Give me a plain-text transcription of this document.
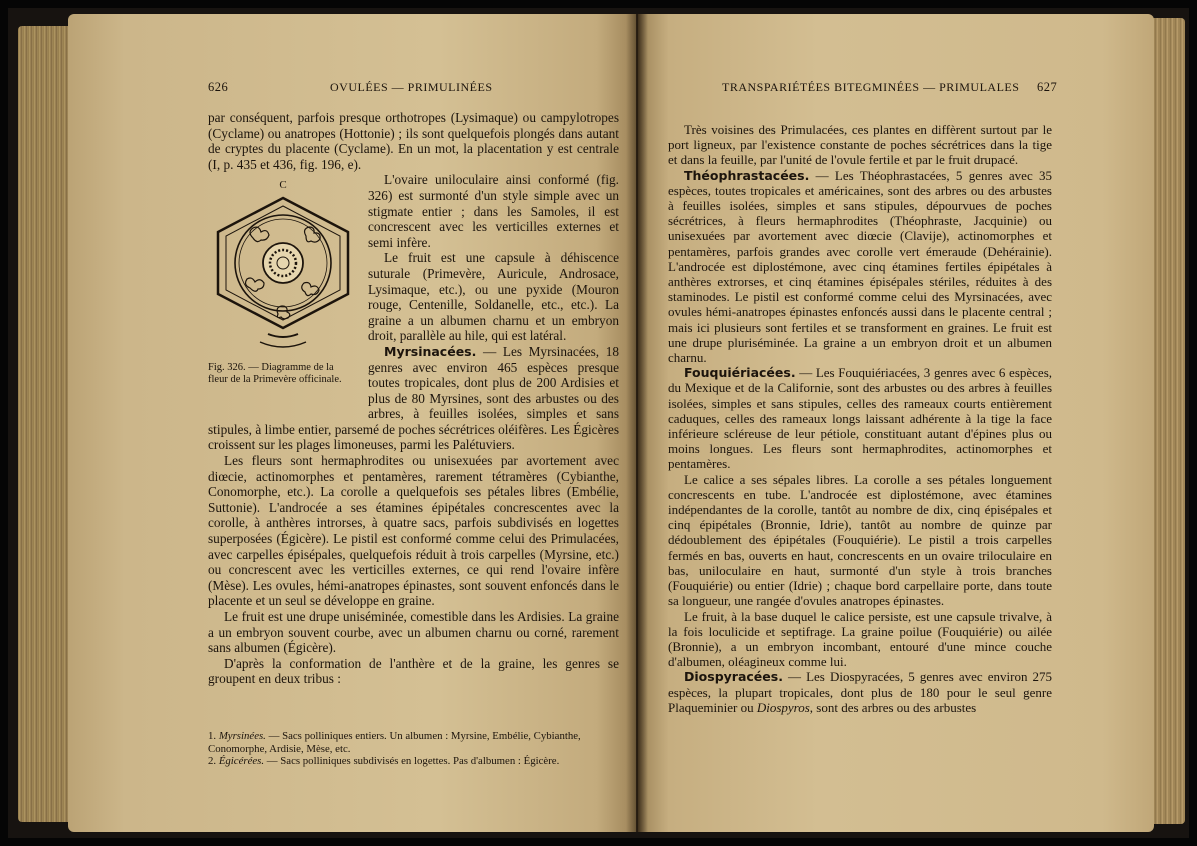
626	OVULÉES — PRIMULINÉES

par conséquent, parfois presque orthotropes (Lysimaque) ou campylotropes (Cyclame) ou anatropes (Hottonie) ; ils sont quelquefois plongés dans autant de cryptes du placente (Cyclame). En un mot, la placentation y est centrale (I, p. 435 et 436, fig. 196, e).

C
Fig. 326. — Diagramme de la fleur de la Primevère officinale.

L'ovaire uniloculaire ainsi conformé (fig. 326) est surmonté d'un style simple avec un stigmate entier ; dans les Samoles, il est concrescent avec les verticilles externes et semi infère.

Le fruit est une capsule à déhiscence suturale (Primevère, Auricule, Androsace, Lysimaque, etc.), ou une pyxide (Mouron rouge, Centenille, Soldanelle, etc., etc.). La graine a un albumen charnu et un embryon droit, parallèle au hile, qui est latéral.

Myrsinacées. — Les Myrsinacées, 18 genres avec environ 465 espèces presque toutes tropicales, dont plus de 200 Ardisies et plus de 80 Myrsines, sont des arbustes ou des arbres, à feuilles isolées, simples et sans stipules, à limbe entier, parsemé de poches sécrétrices oléifères. Les Égicères croissent sur les plages limoneuses, parmi les Palétuviers.

Les fleurs sont hermaphrodites ou unisexuées par avortement avec diœcie, actinomorphes et pentamères, rarement tétramères (Cybianthe, Conomorphe, etc.). La corolle a quelquefois ses pétales libres (Embélie, Suttonie). L'androcée a ses étamines épipétales concrescentes avec la corolle, à anthères introrses, à quatre sacs, parfois subdivisés en logettes superposées (Égicère). Le pistil est conformé comme celui des Primulacées, avec carpelles épisépales, quelquefois réduit à trois carpelles (Myrsine, etc.) ou concrescent avec les verticilles externes, ce qui rend l'ovaire infère (Mèse). Les ovules, hémi-anatropes épinastes, sont souvent enfoncés dans le placente et un seul se développe en graine.

Le fruit est une drupe uniséminée, comestible dans les Ardisies. La graine a un embryon souvent courbe, avec un albumen charnu ou corné, rarement sans albumen (Égicère).

D'après la conformation de l'anthère et de la graine, les genres se groupent en deux tribus :

1. Myrsinées. — Sacs polliniques entiers. Un albumen : Myrsine, Embélie, Cybianthe, Conomorphe, Ardisie, Mèse, etc.

2. Égicérées. — Sacs polliniques subdivisés en logettes. Pas d'albumen : Égicère.

TRANSPARIÉTÉES BITEGMINÉES — PRIMULALES 627

Très voisines des Primulacées, ces plantes en diffèrent surtout par le port ligneux, par l'existence constante de poches sécrétrices dans la tige et dans la feuille, par l'unité de l'ovule fertile et par le fruit drupacé.

Théophrastacées. — Les Théophrastacées, 5 genres avec 35 espèces, toutes tropicales et américaines, sont des arbres ou des arbustes à feuilles isolées, simples et sans stipules, dépourvues de poches sécrétrices, à fleurs hermaphrodites (Théophraste, Jacquinie) ou unisexuées par avortement avec diœcie (Clavije), actinomorphes et pentamères, parfois grandes avec corolle vert émeraude (Dehérainie). L'androcée est diplostémone, avec cinq étamines fertiles épipétales à anthères extrorses, et cinq étamines épisépales stériles, réduites à des staminodes. Le pistil est conformé comme celui des Myrsinacées, avec ovules hémi-anatropes épinastes enfoncés aussi dans le placente central ; mais ici plusieurs sont fertiles et se transforment en graines. Le fruit est une drupe pluriséminée. La graine a un embryon droit et un albumen charnu.

Fouquiériacées. — Les Fouquiériacées, 3 genres avec 6 espèces, du Mexique et de la Californie, sont des arbustes ou des arbres à feuilles isolées, simples et sans stipules, celles des rameaux courts entièrement caduques, celles des rameaux longs laissant adhérente à la tige la face inférieure scléreuse de leur pétiole, constituant autant d'épines plus ou moins longues. Les fleurs sont hermaphrodites, actinomorphes et pentamères.

Le calice a ses sépales libres. La corolle a ses pétales longuement concrescents en tube. L'androcée est diplostémone, avec étamines indépendantes de la corolle, tantôt au nombre de dix, cinq épisépales et cinq épipétales (Bronnie, Idrie), tantôt au nombre de quinze par dédoublement des épipétales (Fouquiérie). Le pistil a trois carpelles fermés en bas, ouverts en haut, concrescents en un ovaire triloculaire en bas, uniloculaire en haut, surmonté d'un style à trois branches (Fouquiérie) ou entier (Idrie) ; chaque bord carpellaire porte, dans toute sa longueur, une rangée d'ovules anatropes épinastes.

Le fruit, à la base duquel le calice persiste, est une capsule trivalve, à la fois loculicide et septifrage. La graine poilue (Fouquiérie) ou ailée (Bronnie), a un embryon incombant, entouré d'une mince couche d'albumen, oléagineux comme lui.

Diospyracées. — Les Diospyracées, 5 genres avec environ 275 espèces, la plupart tropicales, dont plus de 180 pour le seul genre Plaqueminier ou Diospyros, sont des arbres ou des arbustes
